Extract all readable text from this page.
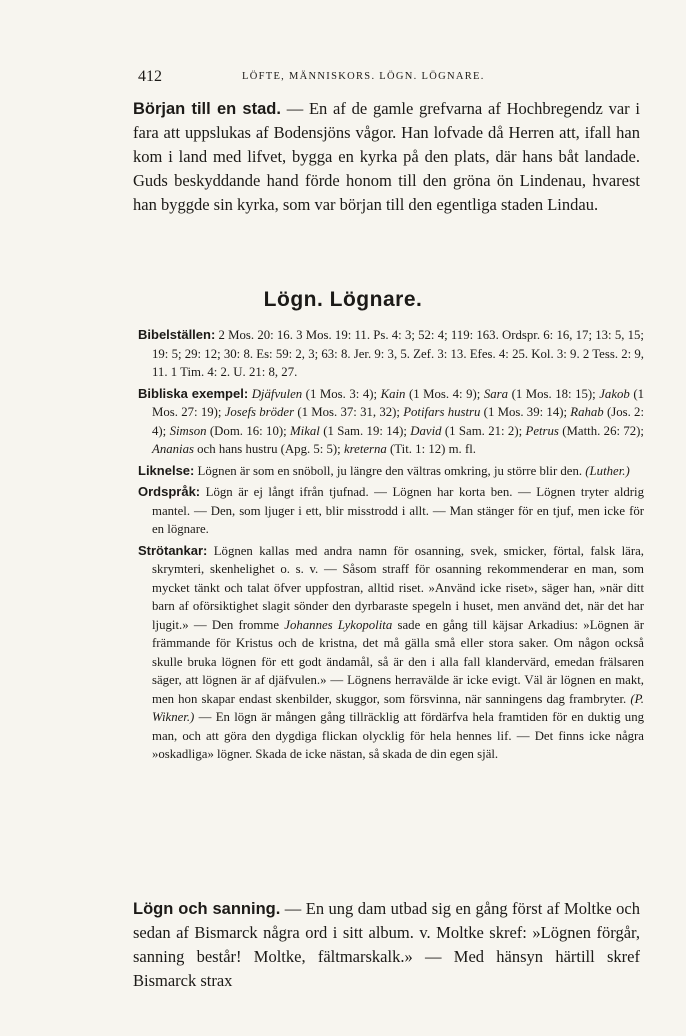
412	LÖFTE, MÄNNISKORS. LÖGN. LÖGNARE.

Början till en stad. — En af de gamle grefvarna af Hochbregendz var i fara att uppslukas af Bodensjöns vågor. Han lofvade då Herren att, ifall han kom i land med lifvet, bygga en kyrka på den plats, där hans båt landade. Guds beskyddande hand förde honom till den gröna ön Lindenau, hvarest han byggde sin kyrka, som var början till den egentliga staden Lindau.

Lögn. Lögnare.

Bibelställen: 2 Mos. 20: 16. 3 Mos. 19: 11. Ps. 4: 3; 52: 4; 119: 163. Ordspr. 6: 16, 17; 13: 5, 15; 19: 5; 29: 12; 30: 8. Es: 59: 2, 3; 63: 8. Jer. 9: 3, 5. Zef. 3: 13. Efes. 4: 25. Kol. 3: 9. 2 Tess. 2: 9, 11. 1 Tim. 4: 2. U. 21: 8, 27.

Bibliska exempel: Djäfvulen (1 Mos. 3: 4); Kain (1 Mos. 4: 9); Sara (1 Mos. 18: 15); Jakob (1 Mos. 27: 19); Josefs bröder (1 Mos. 37: 31, 32); Potifars hustru (1 Mos. 39: 14); Rahab (Jos. 2: 4); Simson (Dom. 16: 10); Mikal (1 Sam. 19: 14); David (1 Sam. 21: 2); Petrus (Matth. 26: 72); Ananias och hans hustru (Apg. 5: 5); kreterna (Tit. 1: 12) m. fl.

Liknelse: Lögnen är som en snöboll, ju längre den vältras omkring, ju större blir den. (Luther.)

Ordspråk: Lögn är ej långt ifrån tjufnad. — Lögnen har korta ben. — Lögnen tryter aldrig mantel. — Den, som ljuger i ett, blir misstrodd i allt. — Man stänger för en tjuf, men icke för en lögnare.

Strötankar: Lögnen kallas med andra namn för osanning, svek, smicker, förtal, falsk lära, skrymteri, skenhelighet o. s. v. — Såsom straff för osanning rekommenderar en man, som mycket tänkt och talat öfver uppfostran, alltid riset. »Använd icke riset», säger han, »när ditt barn af oförsiktighet slagit sönder den dyrbaraste spegeln i huset, men använd det, när det har ljugit.» — Den fromme Johannes Lykopolita sade en gång till käjsar Arkadius: »Lögnen är främmande för Kristus och de kristna, det må gälla små eller stora saker. Om någon också skulle bruka lögnen för ett godt ändamål, så är den i alla fall klandervärd, emedan frälsaren säger, att lögnen är af djäfvulen.» — Lögnens herravälde är icke evigt. Väl är lögnen en makt, men hon skapar endast skenbilder, skuggor, som försvinna, när sanningens dag frambryter. (P. Wikner.) — En lögn är mången gång tillräcklig att fördärfva hela framtiden för en duktig ung man, och att göra den dygdiga flickan olycklig för hela hennes lif. — Det finns icke några »oskadliga» lögner. Skada de icke nästan, så skada de din egen själ.

Lögn och sanning. — En ung dam utbad sig en gång först af Moltke och sedan af Bismarck några ord i sitt album. v. Moltke skref: »Lögnen förgår, sanning består! Moltke, fältmarskalk.» — Med hänsyn härtill skref Bismarck strax
